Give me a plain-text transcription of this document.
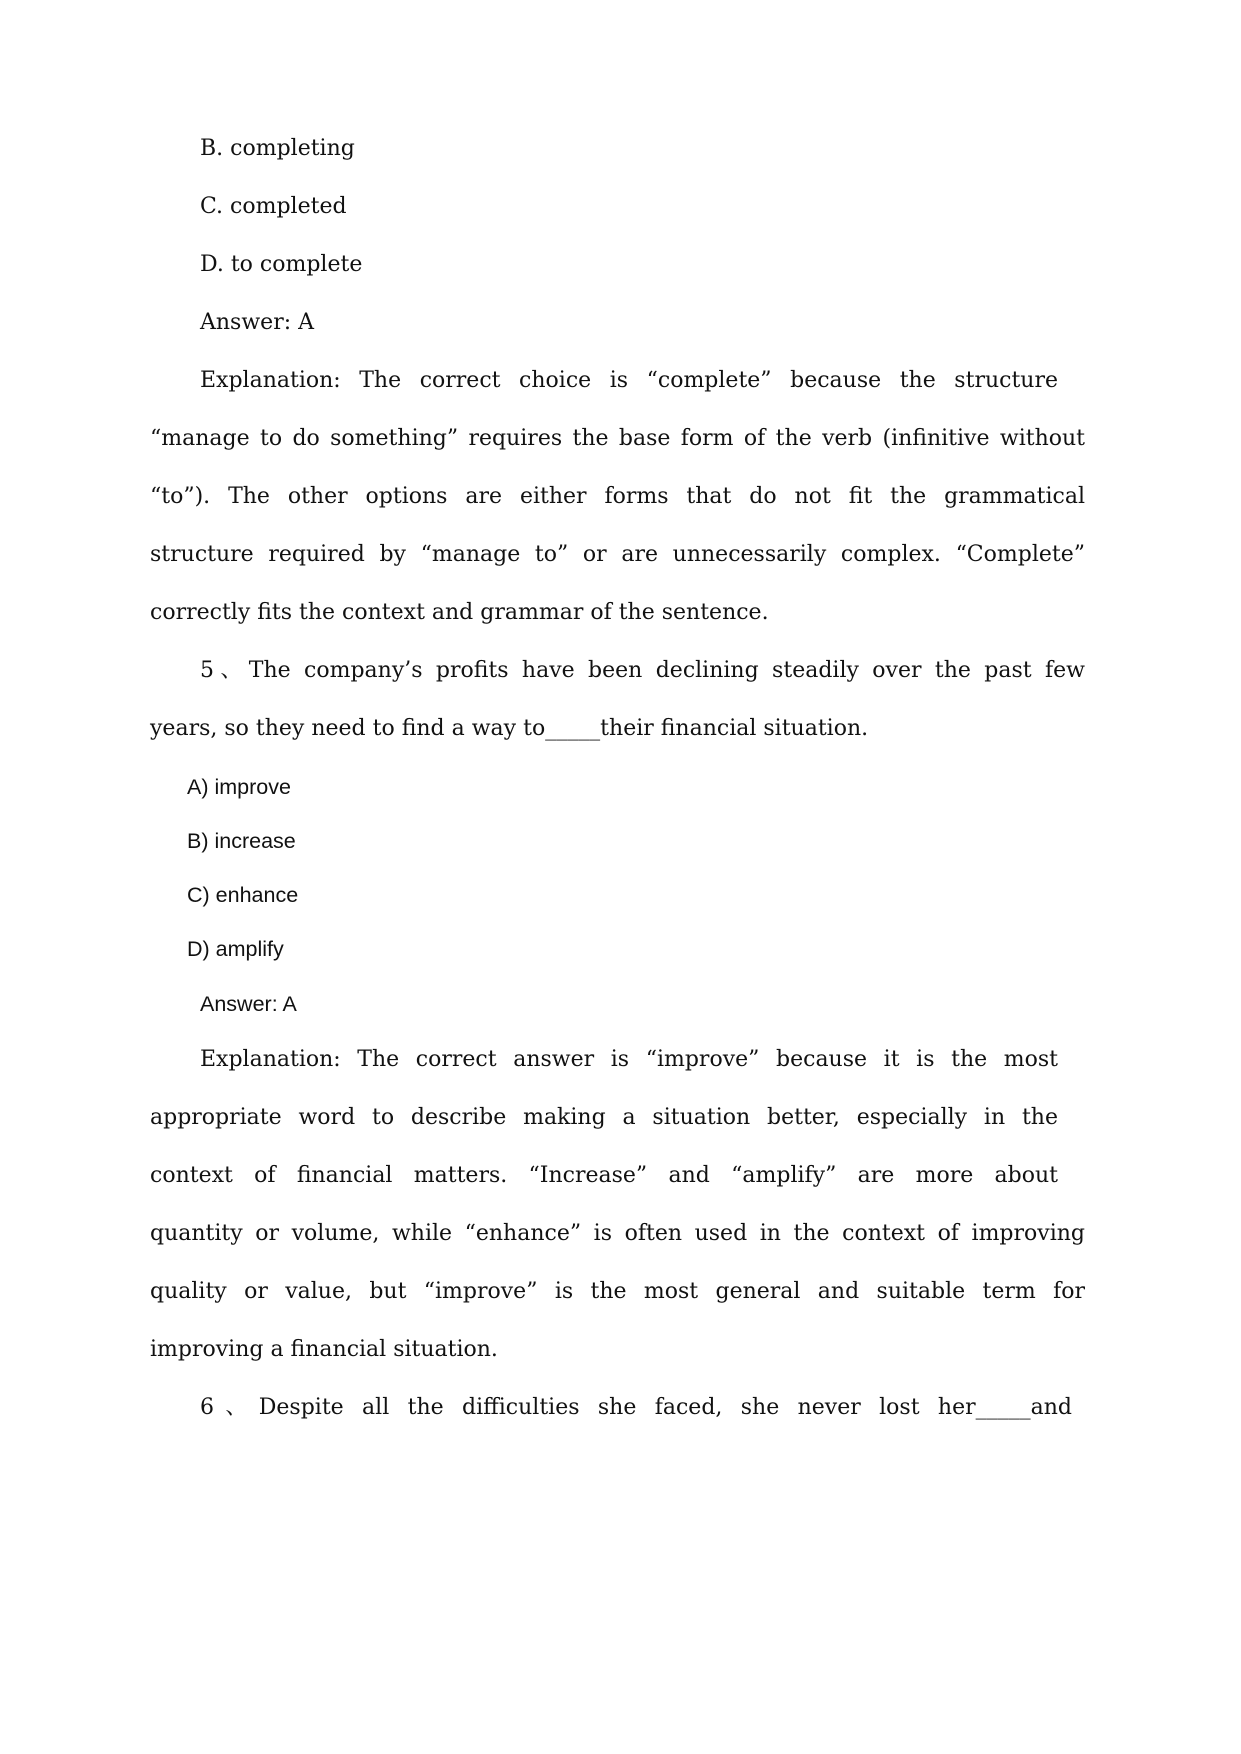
B. completing
C. completed
D. to complete
Answer: A
Explanation: The correct choice is “complete” because the structure
“manage to do something” requires the base form of the verb (infinitive without
“to”). The other options are either forms that do not fit the grammatical
structure required by “manage to” or are unnecessarily complex. “Complete”
correctly fits the context and grammar of the sentence.
5、The company’s profits have been declining steadily over the past few
years, so they need to find a way to_____their financial situation.
A) improve
B) increase
C) enhance
D) amplify
Answer: A
Explanation: The correct answer is “improve” because it is the most
appropriate word to describe making a situation better, especially in the
context of financial matters. “Increase” and “amplify” are more about
quantity or volume, while “enhance” is often used in the context of improving
quality or value, but “improve” is the most general and suitable term for
improving a financial situation.
6、Despite all the difficulties she faced, she never lost her_____and
